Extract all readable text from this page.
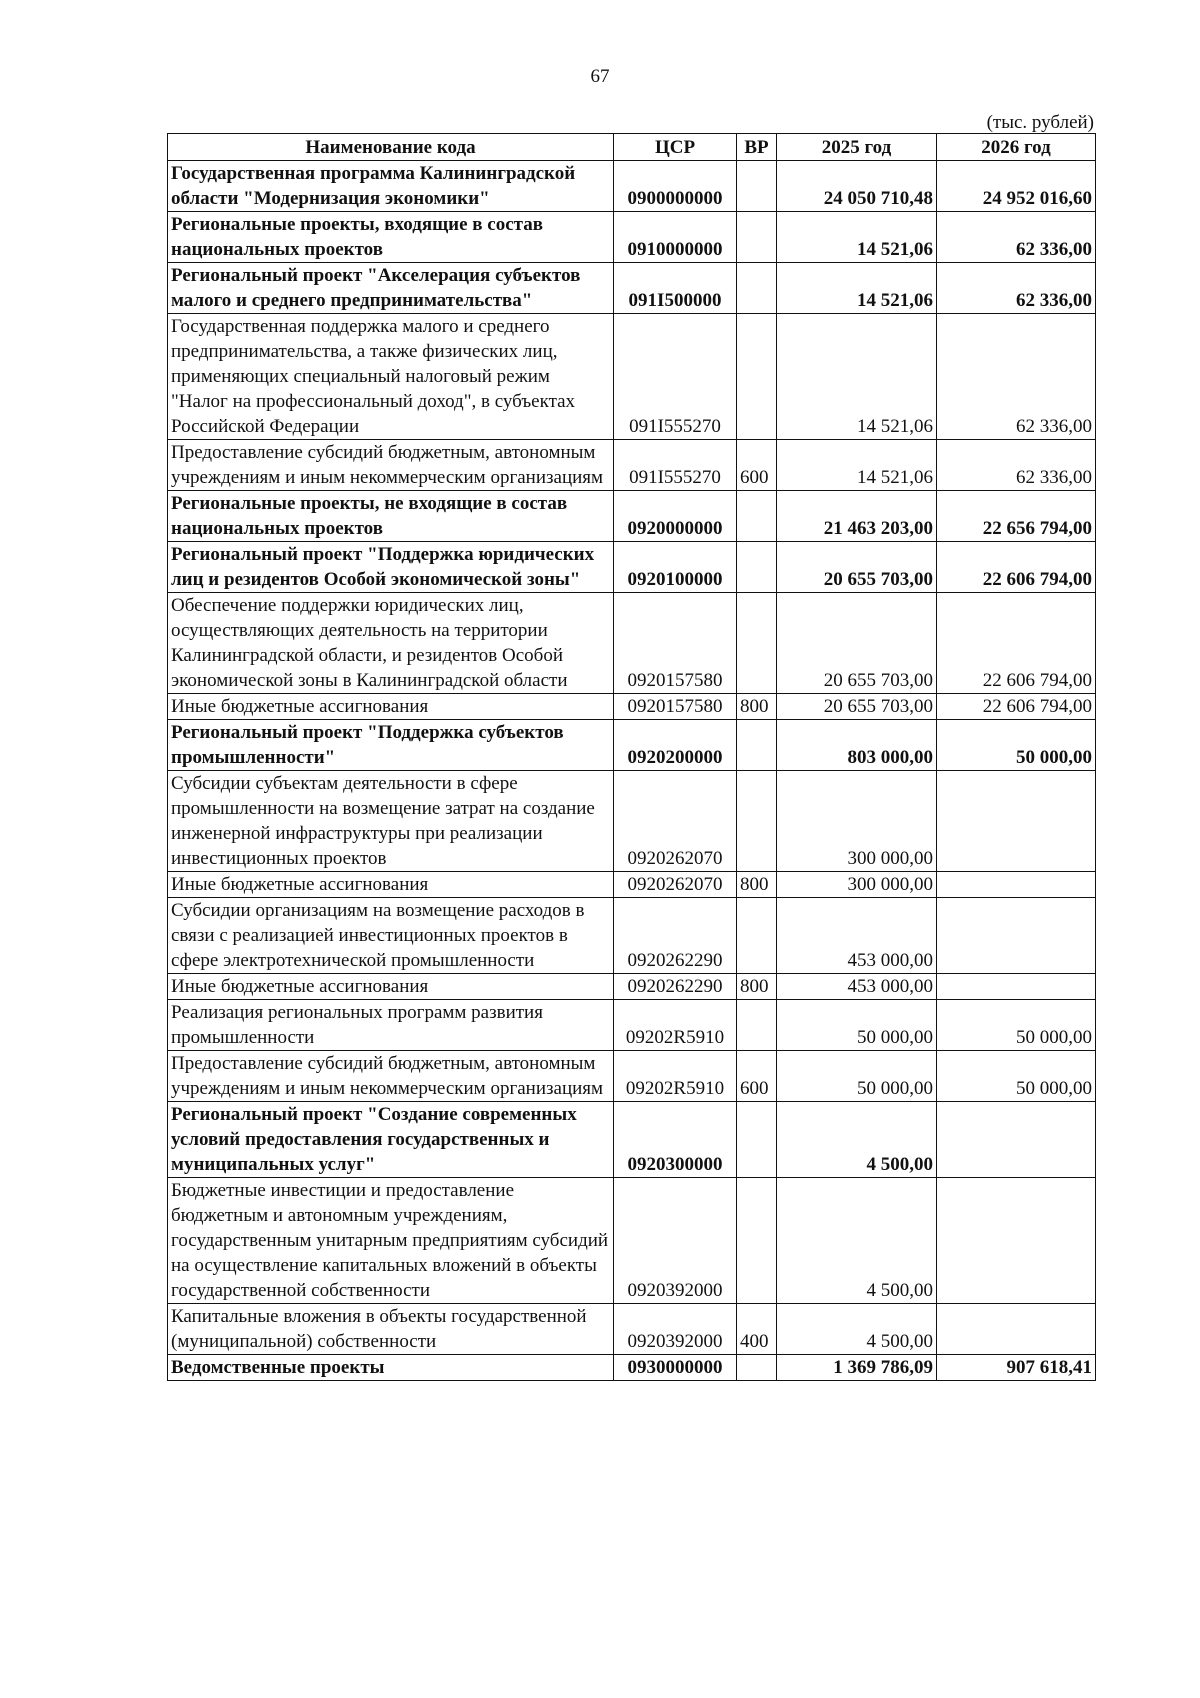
67
(тыс. рублей)
Наименование кода	ЦСР	ВР	2025 год	2026 год
Государственная программа Калининградской области "Модернизация экономики"	0900000000		24 050 710,48	24 952 016,60
Региональные проекты, входящие в состав национальных проектов	0910000000		14 521,06	62 336,00
Региональный проект "Акселерация субъектов малого и среднего предпринимательства"	091I500000		14 521,06	62 336,00
Государственная поддержка малого и среднего предпринимательства, а также физических лиц, применяющих специальный налоговый режим "Налог на профессиональный доход", в субъектах Российской Федерации	091I555270		14 521,06	62 336,00
Предоставление субсидий бюджетным, автономным учреждениям и иным некоммерческим организациям	091I555270	600	14 521,06	62 336,00
Региональные проекты, не входящие в состав национальных проектов	0920000000		21 463 203,00	22 656 794,00
Региональный проект "Поддержка юридических лиц и резидентов Особой экономической зоны"	0920100000		20 655 703,00	22 606 794,00
Обеспечение поддержки юридических лиц, осуществляющих деятельность на территории Калининградской области, и резидентов Особой экономической зоны в Калининградской области	0920157580		20 655 703,00	22 606 794,00
Иные бюджетные ассигнования	0920157580	800	20 655 703,00	22 606 794,00
Региональный проект "Поддержка субъектов промышленности"	0920200000		803 000,00	50 000,00
Субсидии субъектам деятельности в сфере промышленности на возмещение затрат на создание инженерной инфраструктуры при реализации инвестиционных проектов	0920262070		300 000,00	
Иные бюджетные ассигнования	0920262070	800	300 000,00	
Субсидии организациям на возмещение расходов в связи с реализацией инвестиционных проектов в сфере электротехнической промышленности	0920262290		453 000,00	
Иные бюджетные ассигнования	0920262290	800	453 000,00	
Реализация региональных программ развития промышленности	09202R5910		50 000,00	50 000,00
Предоставление субсидий бюджетным, автономным учреждениям и иным некоммерческим организациям	09202R5910	600	50 000,00	50 000,00
Региональный проект "Создание современных условий предоставления государственных и муниципальных услуг"	0920300000		4 500,00	
Бюджетные инвестиции и предоставление бюджетным и автономным учреждениям, государственным унитарным предприятиям субсидий на осуществление капитальных вложений в объекты государственной собственности	0920392000		4 500,00	
Капитальные вложения в объекты государственной (муниципальной) собственности	0920392000	400	4 500,00	
Ведомственные проекты	0930000000		1 369 786,09	907 618,41
